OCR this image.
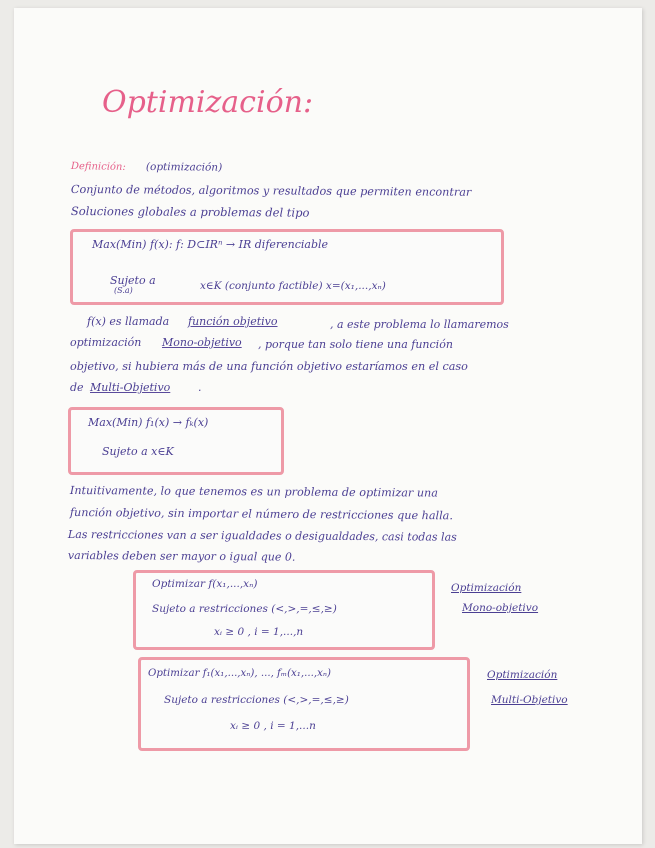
Optimización:
Definición: (optimización)
Conjunto de métodos, algoritmos y resultados que permiten encontrar
Soluciones globales a problemas del tipo
Max(Min) f(x): f: D⊂IRⁿ → IR diferenciable
Sujeto a
(S.a)	x∈K (conjunto factible) x=(x₁,...,xₙ)
f(x) es llamada función objetivo	, a este problema lo llamaremos
optimización Mono-objetivo , porque tan solo tiene una función
objetivo, si hubiera más de una función objetivo estaríamos en el caso
de Multi-Objetivo	.
Max(Min) f₁(x) → fₖ(x)
Sujeto a x∈K
Intuitivamente, lo que tenemos es un problema de optimizar una
función objetivo, sin importar el número de restricciones que halla.
Las restricciones van a ser igualdades o desigualdades, casi todas las
variables deben ser mayor o igual que 0.
Optimizar f(x₁,...,xₙ)
Sujeto a restricciones (<,>,=,≤,≥)
xᵢ ≥ 0 , i = 1,...,n
Optimización
Mono-objetivo
Optimizar f₁(x₁,...,xₙ), ..., fₘ(x₁,...,xₙ)
Sujeto a restricciones (<,>,=,≤,≥)
xᵢ ≥ 0 , i = 1,...n
Optimización
Multi-Objetivo
